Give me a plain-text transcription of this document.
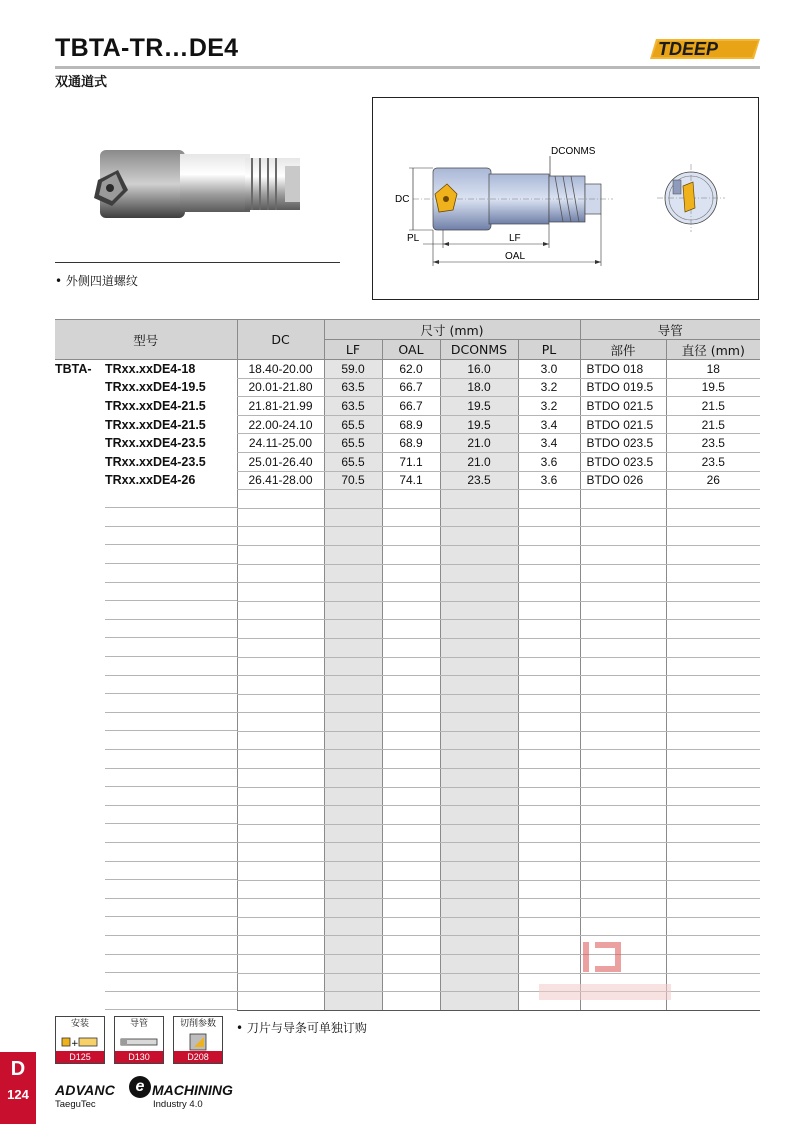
TBTA-TR…DE4
双通道式
TDEEP
• 外侧四道螺纹
DCONMS
DC
PL	LF
OAL
型号	DC	尺寸 (mm)				导管	
		LF	OAL	DCONMS	PL	部件	直径 (mm)
TBTA- TRxx.xxDE4-18	18.40-20.00	59.0	62.0	16.0	3.0	BTDO 018	18
TRxx.xxDE4-19.5	20.01-21.80	63.5	66.7	18.0	3.2	BTDO 019.5	19.5
TRxx.xxDE4-21.5	21.81-21.99	63.5	66.7	19.5	3.2	BTDO 021.5	21.5
TRxx.xxDE4-21.5	22.00-24.10	65.5	68.9	19.5	3.4	BTDO 021.5	21.5
TRxx.xxDE4-23.5	24.11-25.00	65.5	68.9	21.0	3.4	BTDO 023.5	23.5
TRxx.xxDE4-23.5	25.01-26.40	65.5	71.1	21.0	3.6	BTDO 023.5	23.5
TRxx.xxDE4-26	26.41-28.00	70.5	74.1	23.5	3.6	BTDO 026	26

安装
+
D125
导管
D130
切削参数
D208
• 刀片与导条可单独订购
D
124	ADVANC	e MACHINING
TaeguTec	Industry 4.0
